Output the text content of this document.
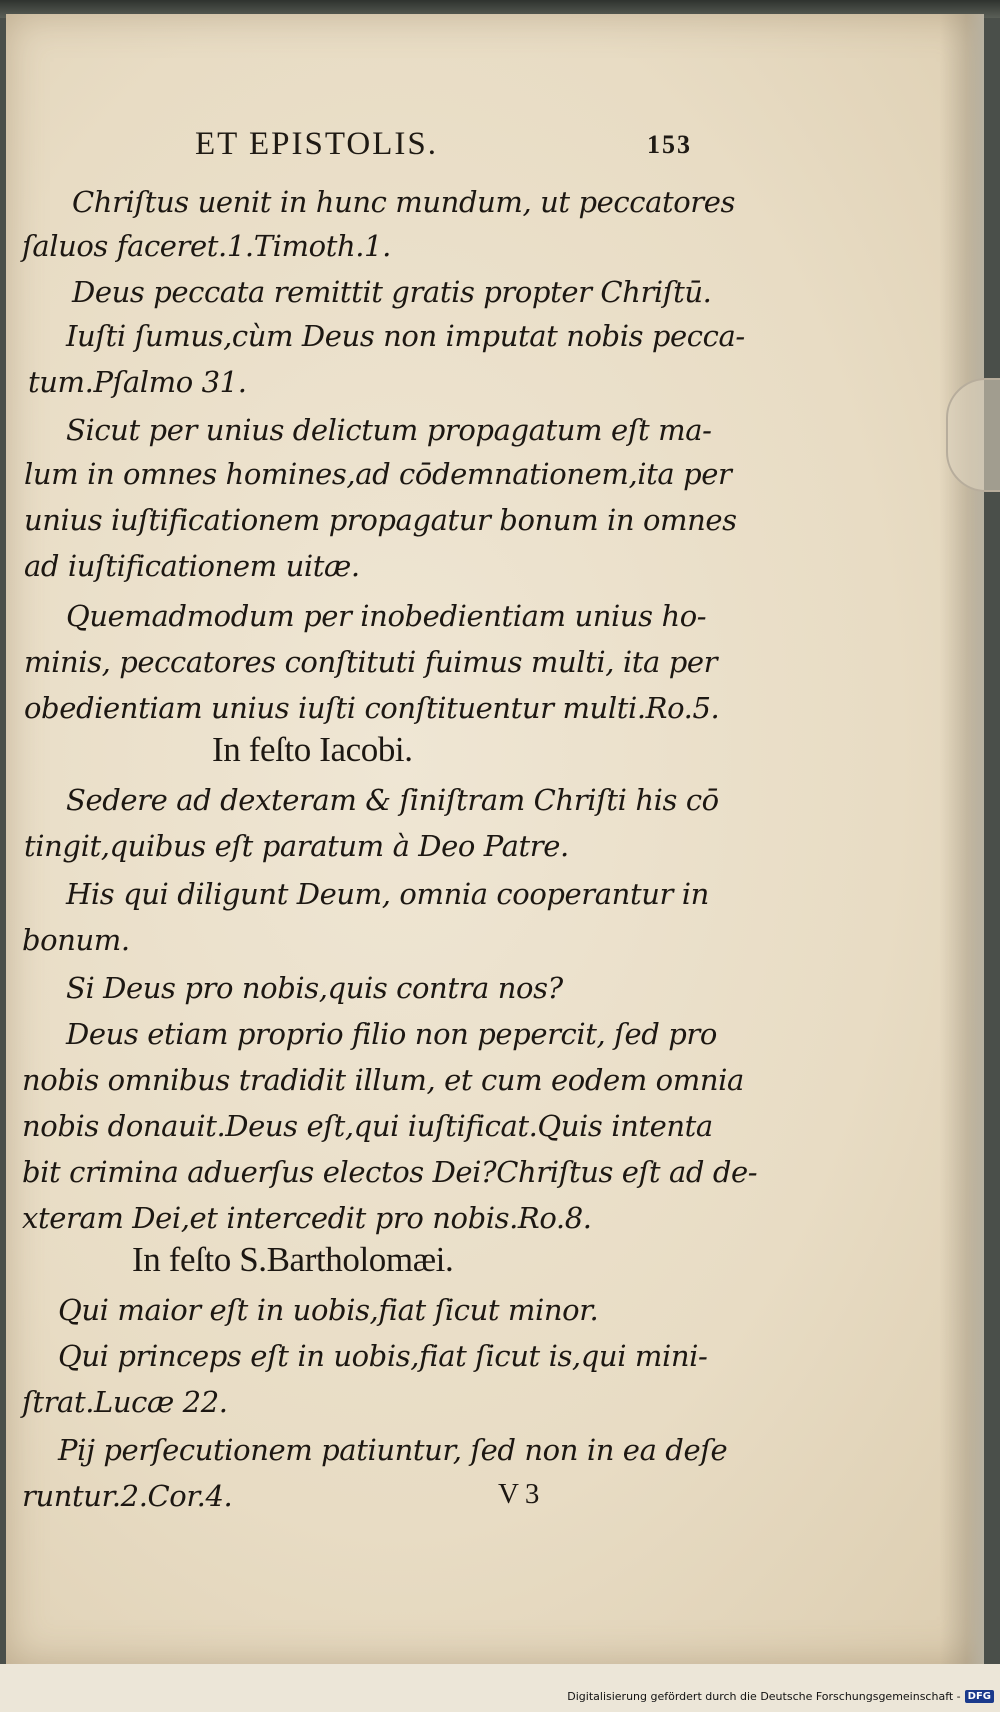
ET EPISTOLIS.	153
Chriſtus uenit in hunc mundum, ut peccatores
ſaluos faceret.1.Timoth.1.
Deus peccata remittit gratis propter Chriſtū.
Iuſti ſumus,cùm Deus non imputat nobis pecca-
tum.Pſalmo 31.
Sicut per unius delictum propagatum eſt ma-
lum in omnes homines,ad cōdemnationem,ita per
unius iuſtificationem propagatur bonum in omnes
ad iuſtificationem uitæ.
Quemadmodum per inobedientiam unius ho-
minis, peccatores conſtituti fuimus multi, ita per
obedientiam unius iuſti conſtituentur multi.Ro.5.
In feſto Iacobi.
Sedere ad dexteram & ſiniſtram Chriſti his cō
tingit,quibus eſt paratum à Deo Patre.
His qui diligunt Deum, omnia cooperantur in
bonum.
Si Deus pro nobis,quis contra nos?
Deus etiam proprio filio non pepercit, ſed pro
nobis omnibus tradidit illum, et cum eodem omnia
nobis donauit.Deus eſt,qui iuſtificat.Quis intenta
bit crimina aduerſus electos Dei?Chriſtus eſt ad de-
xteram Dei,et intercedit pro nobis.Ro.8.
In feſto S.Bartholomæi.
Qui maior eſt in uobis,fiat ſicut minor.
Qui princeps eſt in uobis,fiat ſicut is,qui mini-
ſtrat.Lucæ 22.
Pij perſecutionem patiuntur, ſed non in ea deſe
runtur.2.Cor.4.	V 3
Digitalisierung gefördert durch die Deutsche Forschungsgemeinschaft - DFG
